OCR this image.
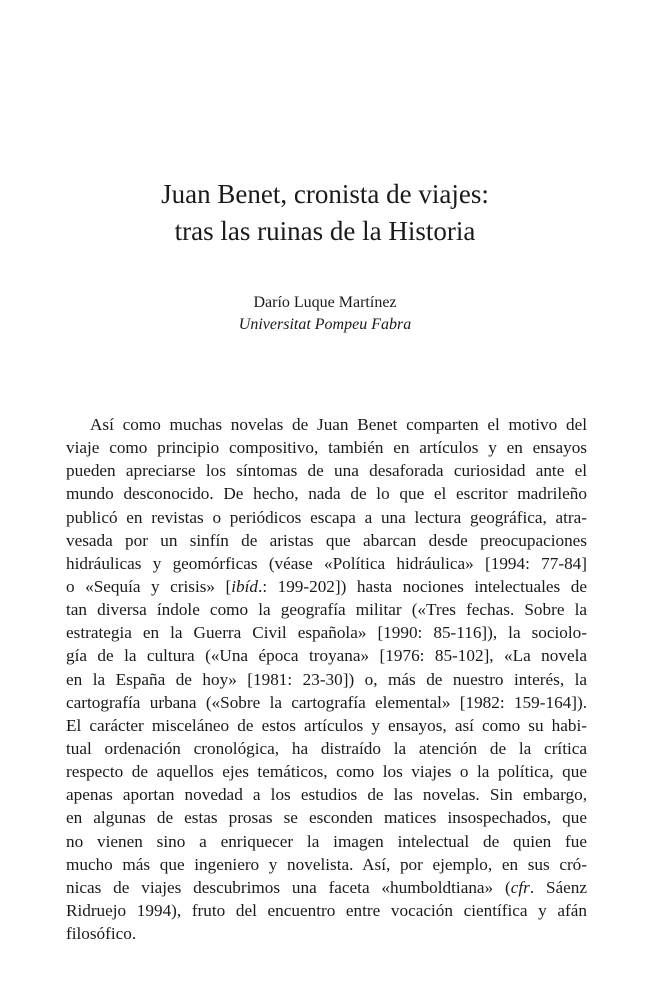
Juan Benet, cronista de viajes:
tras las ruinas de la Historia
Darío Luque Martínez
Universitat Pompeu Fabra
Así como muchas novelas de Juan Benet comparten el motivo del
viaje como principio compositivo, también en artículos y en ensayos
pueden apreciarse los síntomas de una desaforada curiosidad ante el
mundo desconocido. De hecho, nada de lo que el escritor madrileño
publicó en revistas o periódicos escapa a una lectura geográfica, atra-
vesada por un sinfín de aristas que abarcan desde preocupaciones
hidráulicas y geomórficas (véase «Política hidráulica» [1994: 77-84]
o «Sequía y crisis» [ibíd.: 199-202]) hasta nociones intelectuales de
tan diversa índole como la geografía militar («Tres fechas. Sobre la
estrategia en la Guerra Civil española» [1990: 85-116]), la sociolo-
gía de la cultura («Una época troyana» [1976: 85-102], «La novela
en la España de hoy» [1981: 23-30]) o, más de nuestro interés, la
cartografía urbana («Sobre la cartografía elemental» [1982: 159-164]).
El carácter misceláneo de estos artículos y ensayos, así como su habi-
tual ordenación cronológica, ha distraído la atención de la crítica
respecto de aquellos ejes temáticos, como los viajes o la política, que
apenas aportan novedad a los estudios de las novelas. Sin embargo,
en algunas de estas prosas se esconden matices insospechados, que
no vienen sino a enriquecer la imagen intelectual de quien fue
mucho más que ingeniero y novelista. Así, por ejemplo, en sus cró-
nicas de viajes descubrimos una faceta «humboldtiana» (cfr. Sáenz
Ridruejo 1994), fruto del encuentro entre vocación científica y afán
filosófico.
